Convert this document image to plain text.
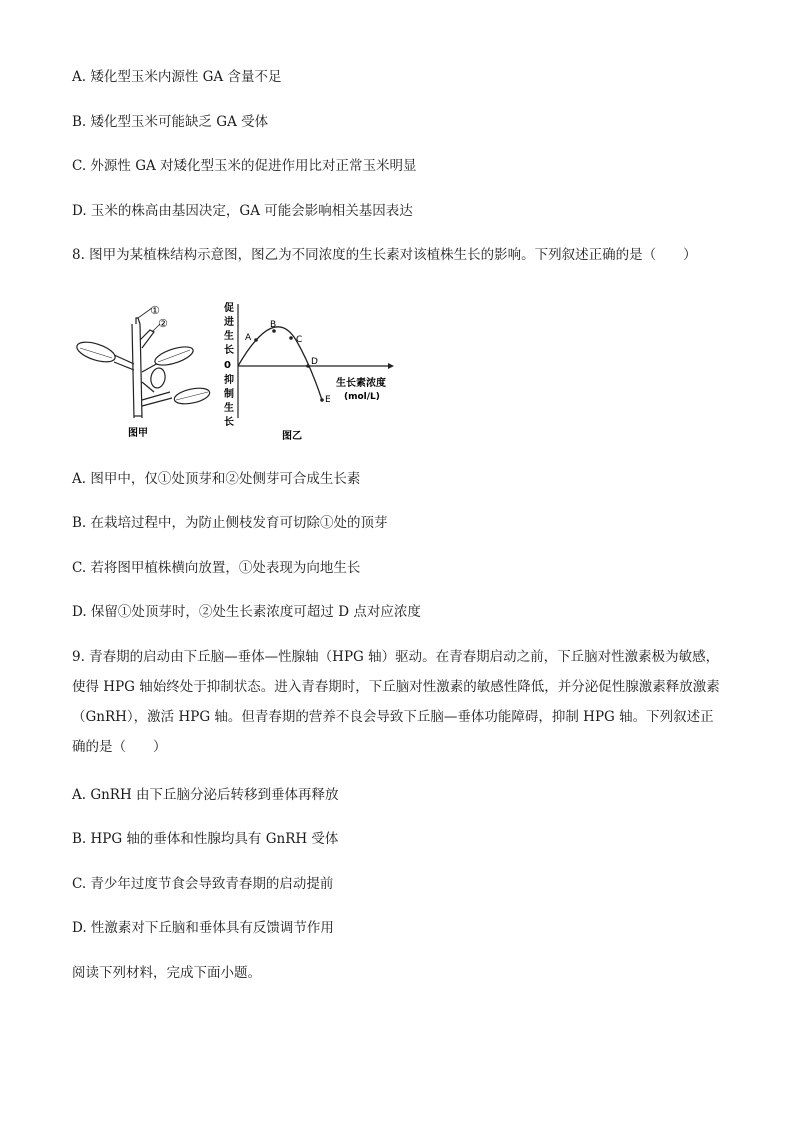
A. 矮化型玉米内源性 GA 含量不足
B. 矮化型玉米可能缺乏 GA 受体
C. 外源性 GA 对矮化型玉米的促进作用比对正常玉米明显
D. 玉米的株高由基因决定，GA 可能会影响相关基因表达
8. 图甲为某植株结构示意图，图乙为不同浓度的生长素对该植株生长的影响。下列叙述正确的是（　　）
①
②
图甲
促
进
生
长
0
抑
制
生
长
A
B
C
D
E
生长素浓度
(mol/L)
图乙
A. 图甲中，仅①处顶芽和②处侧芽可合成生长素
B. 在栽培过程中，为防止侧枝发育可切除①处的顶芽
C. 若将图甲植株横向放置，①处表现为向地生长
D. 保留①处顶芽时，②处生长素浓度可超过 D 点对应浓度
9. 青春期的启动由下丘脑—垂体—性腺轴（HPG 轴）驱动。在青春期启动之前，下丘脑对性激素极为敏感，使得 HPG 轴始终处于抑制状态。进入青春期时，下丘脑对性激素的敏感性降低，并分泌促性腺激素释放激素（GnRH），激活 HPG 轴。但青春期的营养不良会导致下丘脑—垂体功能障碍，抑制 HPG 轴。下列叙述正确的是（　　）
A. GnRH 由下丘脑分泌后转移到垂体再释放
B. HPG 轴的垂体和性腺均具有 GnRH 受体
C. 青少年过度节食会导致青春期的启动提前
D. 性激素对下丘脑和垂体具有反馈调节作用
阅读下列材料，完成下面小题。
